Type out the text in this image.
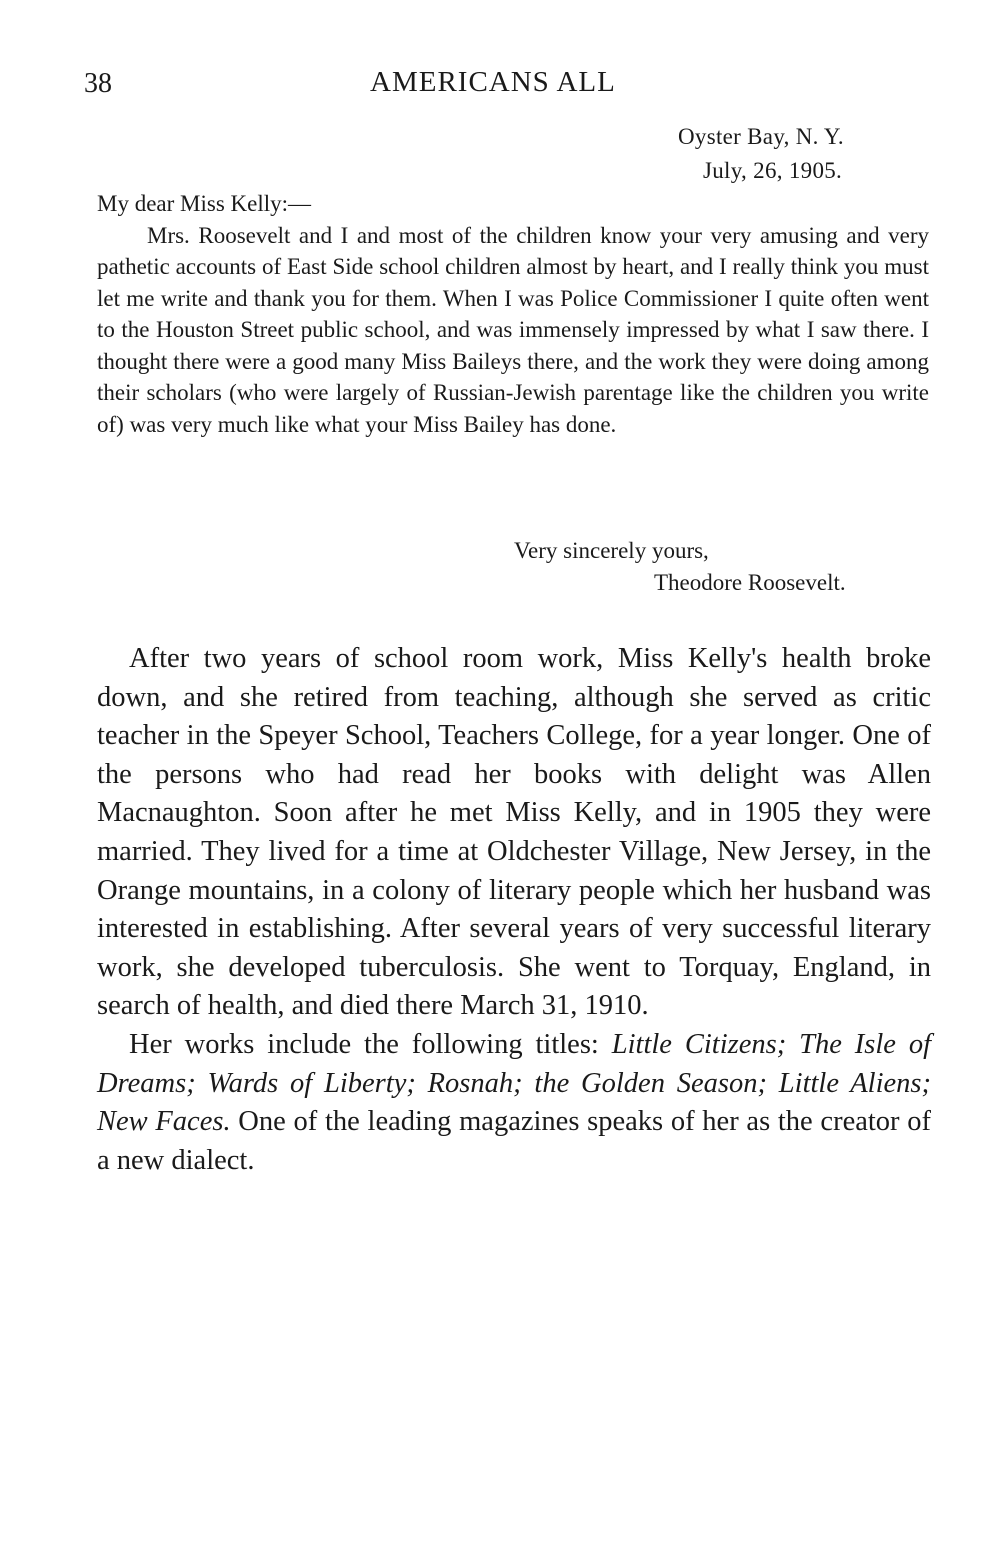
38	AMERICANS ALL
Oyster Bay, N. Y.
July, 26, 1905.

My dear Miss Kelly:—

Mrs. Roosevelt and I and most of the children know your very amusing and very pathetic accounts of East Side school children almost by heart, and I really think you must let me write and thank you for them. When I was Police Commissioner I quite often went to the Houston Street public school, and was immensely impressed by what I saw there. I thought there were a good many Miss Baileys there, and the work they were doing among their scholars (who were largely of Russian-Jewish parentage like the children you write of) was very much like what your Miss Bailey has done.

Very sincerely yours,
Theodore Roosevelt.

After two years of school room work, Miss Kelly's health broke down, and she retired from teaching, although she served as critic teacher in the Speyer School, Teachers College, for a year longer. One of the persons who had read her books with delight was Allen Macnaughton. Soon after he met Miss Kelly, and in 1905 they were married. They lived for a time at Oldchester Village, New Jersey, in the Orange mountains, in a colony of literary people which her husband was interested in establishing. After several years of very successful literary work, she developed tuberculosis. She went to Torquay, England, in search of health, and died there March 31, 1910.

Her works include the following titles: Little Citizens; The Isle of Dreams; Wards of Liberty; Rosnah; the Golden Season; Little Aliens; New Faces. One of the leading magazines speaks of her as the creator of a new dialect.
